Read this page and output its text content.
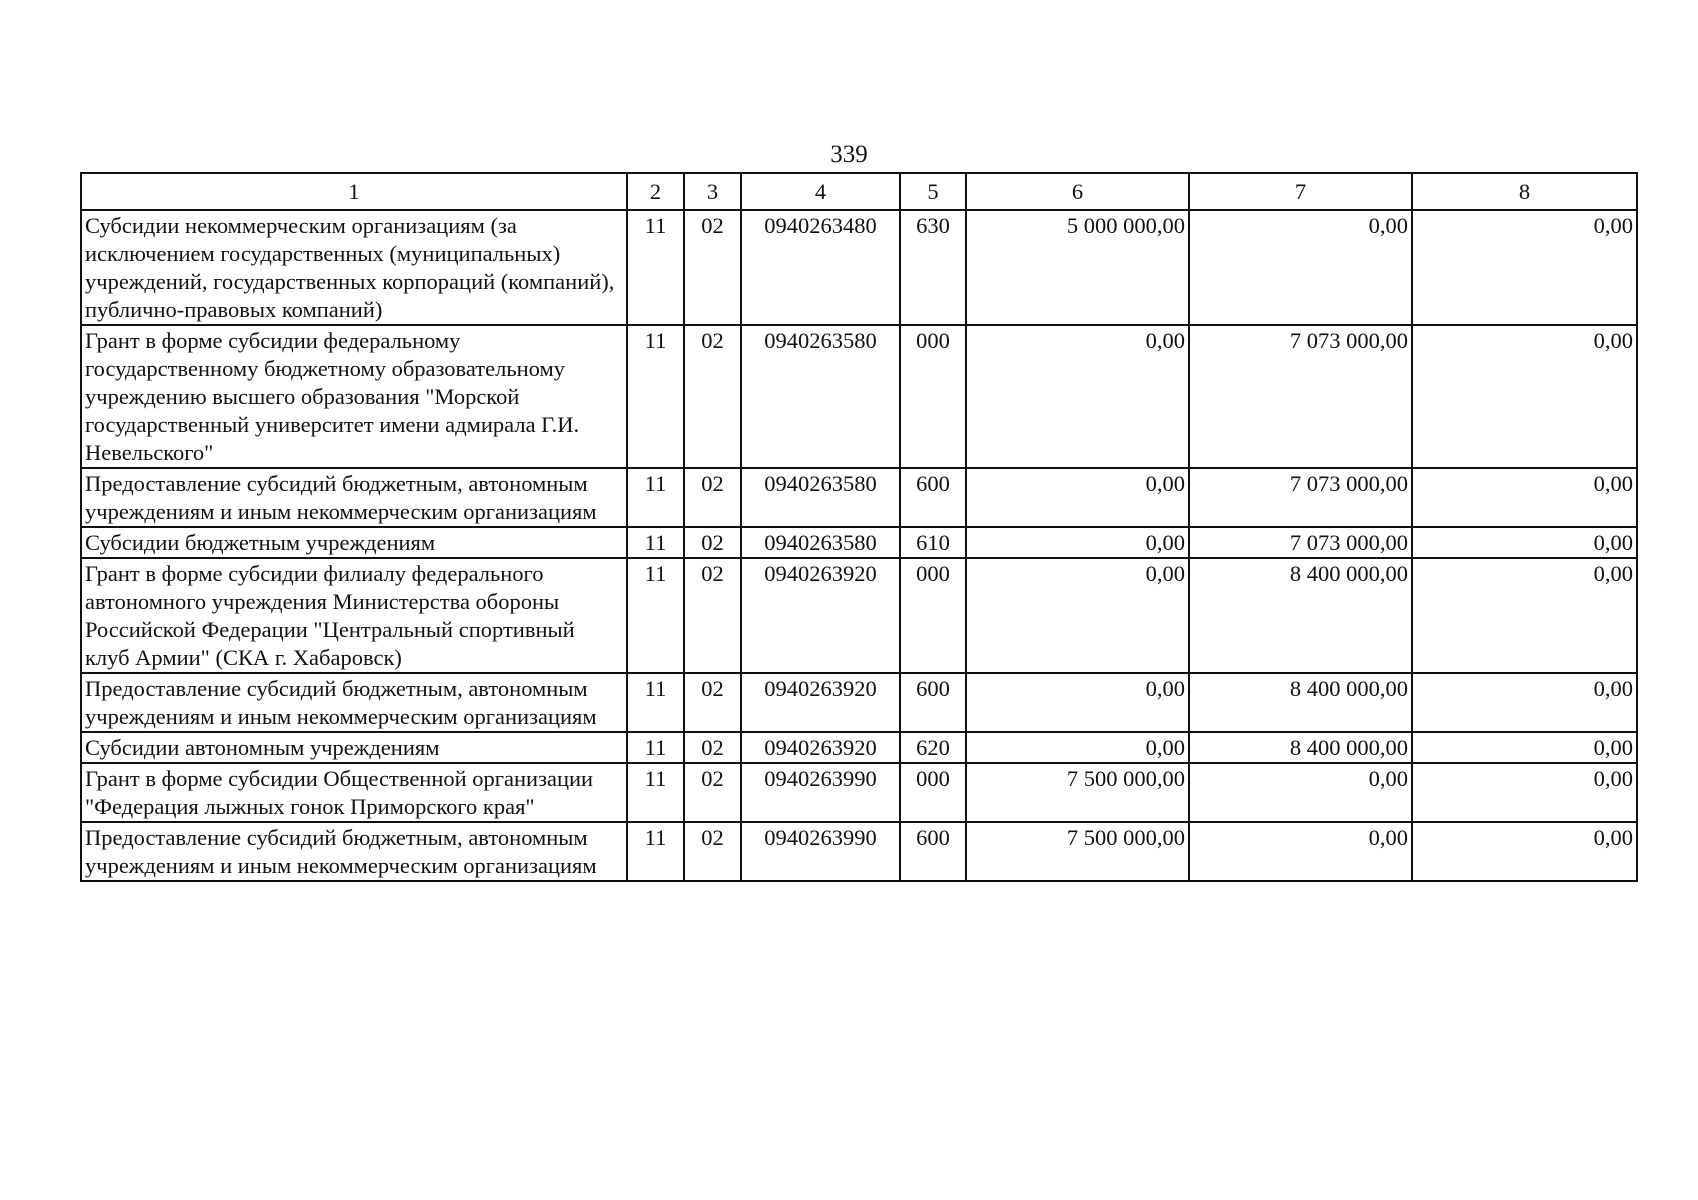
339
1	2	3	4	5	6	7	8
Субсидии некоммерческим организациям (за исключением государственных (муниципальных) учреждений, государственных корпораций (компаний), публично-правовых компаний)	11	02	0940263480	630	5 000 000,00	0,00	0,00
Грант в форме субсидии федеральному государственному бюджетному образовательному учреждению высшего образования "Морской государственный университет имени адмирала Г.И. Невельского"	11	02	0940263580	000	0,00	7 073 000,00	0,00
Предоставление субсидий бюджетным, автономным учреждениям и иным некоммерческим организациям	11	02	0940263580	600	0,00	7 073 000,00	0,00
Субсидии бюджетным учреждениям	11	02	0940263580	610	0,00	7 073 000,00	0,00
Грант в форме субсидии филиалу федерального автономного учреждения Министерства обороны Российской Федерации "Центральный спортивный клуб Армии" (СКА г. Хабаровск)	11	02	0940263920	000	0,00	8 400 000,00	0,00
Предоставление субсидий бюджетным, автономным учреждениям и иным некоммерческим организациям	11	02	0940263920	600	0,00	8 400 000,00	0,00
Субсидии автономным учреждениям	11	02	0940263920	620	0,00	8 400 000,00	0,00
Грант в форме субсидии Общественной организации "Федерация лыжных гонок Приморского края"	11	02	0940263990	000	7 500 000,00	0,00	0,00
Предоставление субсидий бюджетным, автономным учреждениям и иным некоммерческим организациям	11	02	0940263990	600	7 500 000,00	0,00	0,00
